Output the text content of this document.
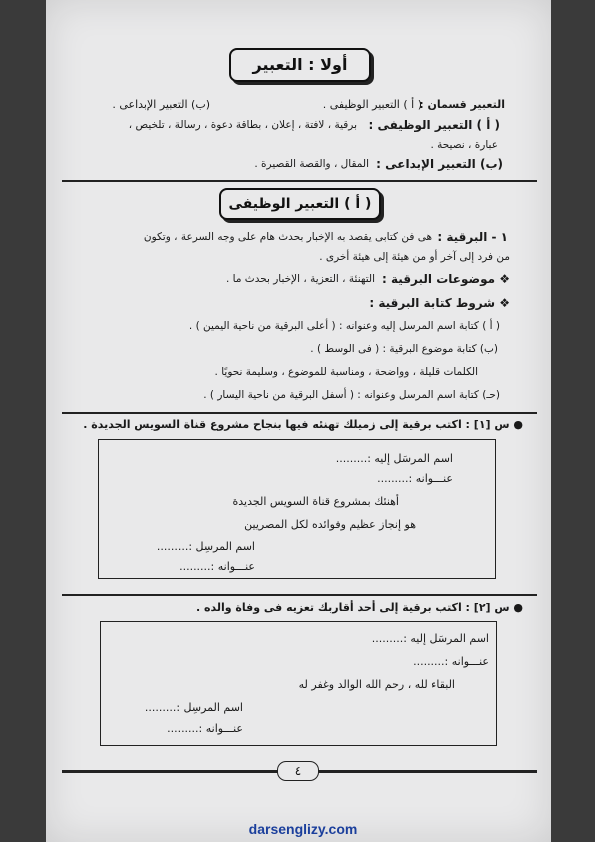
أولا : التعبير
التعبير قسمان :
( أ ) التعبير الوظيفى .
(ب) التعبير الإبداعى .
( أ ) التعبير الوظيفى :
برقية ، لافتة ، إعلان ، بطاقة دعوة ، رسالة ، تلخيص ،
عبارة ، نصيحة .
(ب) التعبير الإبداعى :
المقال ، والقصة القصيرة .
( أ ) التعبير الوظيفى
١ - البرقية :
هى فن كتابى يقصد به الإخبار بحدث هام على وجه السرعة ، وتكون
من فرد إلى آخر أو من هيئة إلى هيئة أخرى .
❖ موضوعات البرقية :
التهنئة ، التعزية ، الإخبار بحدث ما .
❖ شروط كتابة البرقية :
( أ ) كتابة اسم المرسل إليه وعنوانه : ( أعلى البرقية من ناحية اليمين ) .
(ب) كتابة موضوع البرقية : ( فى الوسط ) .
الكلمات قليلة ، وواضحة ، ومناسبة للموضوع ، وسليمة نحويًا .
(حـ) كتابة اسم المرسل وعنوانه : ( أسفل البرقية من ناحية اليسار ) .
● س [١] : اكتب برقية إلى زميلك تهنئه فيها بنجاح مشروع قناة السويس الجديدة .
اسم المرسَل إليه :.........
عنـــوانه :.........
أهنئك بمشروع قناة السويس الجديدة
هو إنجاز عظيم وفوائده لكل المصريين
اسم المرسِل :.........
عنـــوانه :.........
● س [٢] : اكتب برقية إلى أحد أقاربك تعزيه فى وفاة والده .
اسم المرسَل إليه :.........
عنـــوانه :.........
البقاء لله ، رحم الله الوالد وغفر له
اسم المرسِل :.........
عنـــوانه :.........
٤
darsenglizy.com
